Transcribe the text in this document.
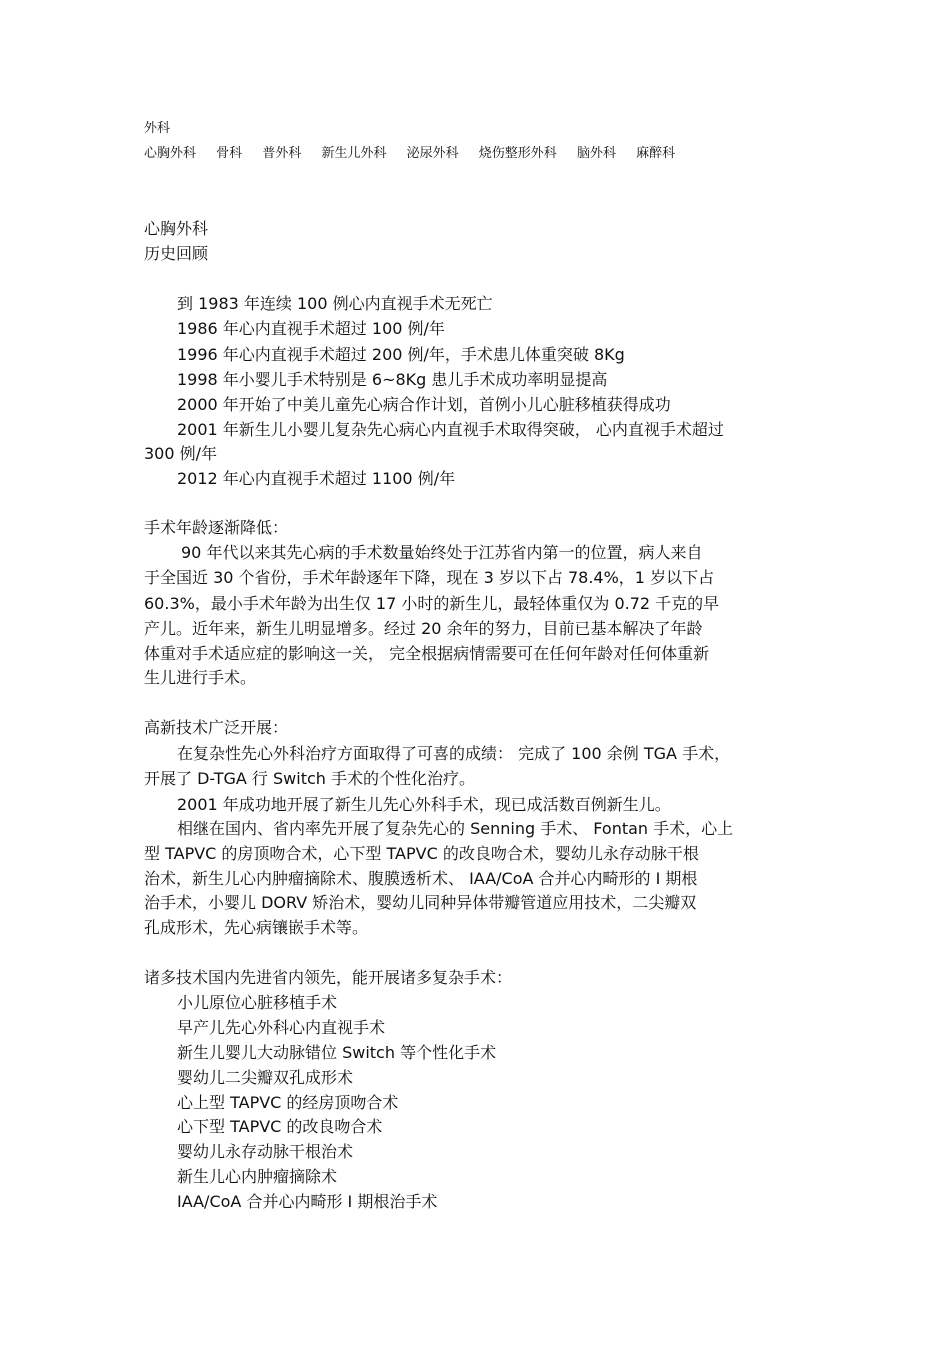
外科
心胸外科 骨科 普外科 新生儿外科 泌尿外科 烧伤整形外科 脑外科 麻醉科
心胸外科
历史回顾
到 1983 年连续 100 例心内直视手术无死亡
1986 年心内直视手术超过 100 例/年
1996 年心内直视手术超过 200 例/年，手术患儿体重突破 8Kg
1998 年小婴儿手术特别是 6~8Kg 患儿手术成功率明显提高
2000 年开始了中美儿童先心病合作计划，首例小儿心脏移植获得成功
2001 年新生儿小婴儿复杂先心病心内直视手术取得突破， 心内直视手术超过
300 例/年
2012 年心内直视手术超过 1100 例/年
手术年龄逐渐降低：
90 年代以来其先心病的手术数量始终处于江苏省内第一的位置，病人来自
于全国近 30 个省份，手术年龄逐年下降，现在 3 岁以下占 78.4%，1 岁以下占
60.3%，最小手术年龄为出生仅 17 小时的新生儿，最轻体重仅为 0.72 千克的早
产儿。近年来，新生儿明显增多。经过 20 余年的努力，目前已基本解决了年龄
体重对手术适应症的影响这一关， 完全根据病情需要可在任何年龄对任何体重新
生儿进行手术。
高新技术广泛开展：
在复杂性先心外科治疗方面取得了可喜的成绩： 完成了 100 余例 TGA 手术，
开展了 D-TGA 行 Switch 手术的个性化治疗。
2001 年成功地开展了新生儿先心外科手术，现已成活数百例新生儿。
相继在国内、省内率先开展了复杂先心的 Senning 手术、 Fontan 手术，心上
型 TAPVC 的房顶吻合术，心下型 TAPVC 的改良吻合术，婴幼儿永存动脉干根
治术，新生儿心内肿瘤摘除术、腹膜透析术、 IAA/CoA 合并心内畸形的 I 期根
治手术，小婴儿 DORV 矫治术，婴幼儿同种异体带瓣管道应用技术，二尖瓣双
孔成形术，先心病镶嵌手术等。
诸多技术国内先进省内领先，能开展诸多复杂手术：
小儿原位心脏移植手术
早产儿先心外科心内直视手术
新生儿婴儿大动脉错位 Switch 等个性化手术
婴幼儿二尖瓣双孔成形术
心上型 TAPVC 的经房顶吻合术
心下型 TAPVC 的改良吻合术
婴幼儿永存动脉干根治术
新生儿心内肿瘤摘除术
IAA/CoA 合并心内畸形 I 期根治手术
